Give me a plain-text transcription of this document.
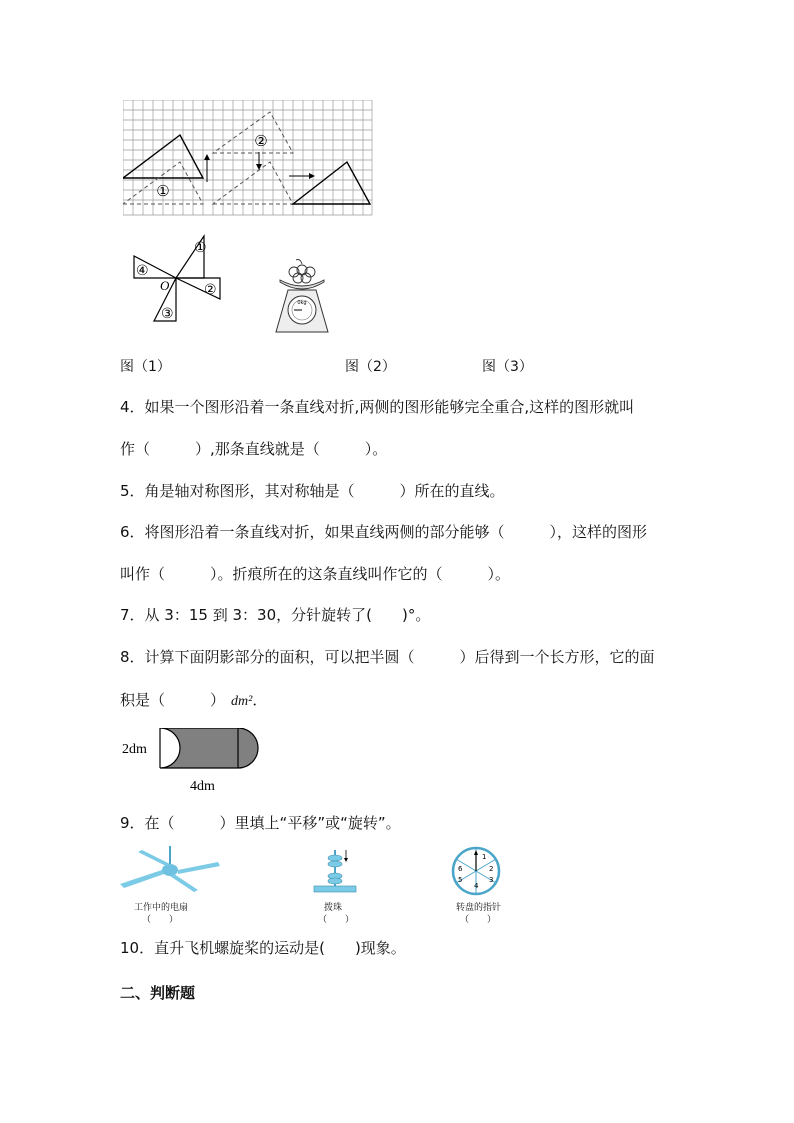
①
②
①
②
③
④
O
0kg
图（1）	图（2）	图（3）
4．如果一个图形沿着一条直线对折,两侧的图形能够完全重合,这样的图形就叫
作（　　　）,那条直线就是（　　　）。
5．角是轴对称图形，其对称轴是（　　　）所在的直线。
6．将图形沿着一条直线对折，如果直线两侧的部分能够（　　　），这样的图形
叫作（　　　）。折痕所在的这条直线叫作它的（　　　）。
7．从 3：15 到 3：30，分针旋转了(　　)°。
8．计算下面阴影部分的面积，可以把半圆（　　　）后得到一个长方形，它的面
积是（　　　） dm²．
2dm
4dm
9．在（　　　）里填上“平移”或“旋转”。
工作中的电扇
（　　）
拨珠
（　　）
1
2
3
4
5
6
转盘的指针
（　　）
10．直升飞机螺旋桨的运动是(　　)现象。
二、判断题
